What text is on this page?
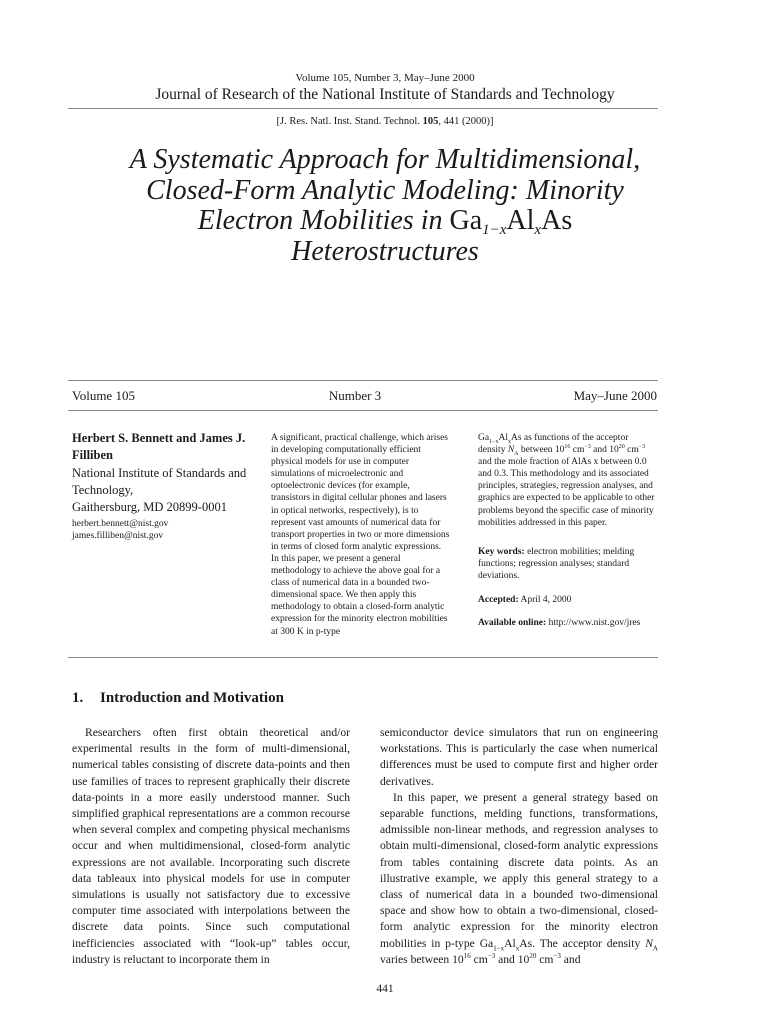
Volume 105, Number 3, May–June 2000
Journal of Research of the National Institute of Standards and Technology
[J. Res. Natl. Inst. Stand. Technol. 105, 441 (2000)]
A Systematic Approach for Multidimensional,
Closed-Form Analytic Modeling: Minority
Electron Mobilities in $Ga_{1-x}Al_xAs$
Heterostructures
Volume 105	Number 3	May–June 2000
Herbert S. Bennett and James J. Filliben
National Institute of Standards and Technology,
Gaithersburg, MD 20899-0001
herbert.bennett@nist.gov
james.filliben@nist.gov
A significant, practical challenge, which arises in developing computationally efficient physical models for use in computer simulations of microelectronic and optoelectronic devices (for example, transistors in digital cellular phones and lasers in optical networks, respectively), is to represent vast amounts of numerical data for transport properties in two or more dimensions in terms of closed form analytic expressions. In this paper, we present a general methodology to achieve the above goal for a class of numerical data in a bounded two-dimensional space. We then apply this methodology to obtain a closed-form analytic expression for the minority electron mobilities at 300 K in p-type

$Ga_{1-x}Al_xAs$ as functions of the acceptor density $N_A$ between $10^{16}$ $cm^{-3}$ and $10^{20}$ $cm^{-3}$ and the mole fraction of AlAs x between 0.0 and 0.3. This methodology and its associated principles, strategies, regression analyses, and graphics are expected to be applicable to other problems beyond the specific case of minority mobilities addressed in this paper.

Key words: electron mobilities; melding functions; regression analyses; standard deviations.
Accepted: April 4, 2000
Available online: http://www.nist.gov/jres
1. Introduction and Motivation

Researchers often first obtain theoretical and/or experimental results in the form of multi-dimensional, numerical tables consisting of discrete data-points and then use families of traces to represent graphically their discrete data-points in a more easily understood manner. Such simplified graphical representations are a common recourse when several complex and competing physical mechanisms occur and when multidimensional, closed-form analytic expressions are not available. Incorporating such discrete data tableaux into physical models for use in computer simulations is usually not satisfactory due to excessive computer time associated with interpolations between the discrete data points. Since such computational inefficiencies associated with “look-up” tables occur, industry is reluctant to incorporate them in

semiconductor device simulators that run on engineering workstations. This is particularly the case when numerical differences must be used to compute first and higher order derivatives.

In this paper, we present a general strategy based on separable functions, melding functions, transformations, admissible non-linear methods, and regression analyses to obtain multi-dimensional, closed-form analytic expressions from tables containing discrete data points. As an illustrative example, we apply this general strategy to a class of numerical data in a bounded two-dimensional space and show how to obtain a two-dimensional, closed-form analytic expression for the minority electron mobilities in p-type $Ga_{1-x}Al_xAs$. The acceptor density $N_A$ varies between $10^{16}$ $cm^{-3}$ and $10^{20}$ $cm^{-3}$ and

441
